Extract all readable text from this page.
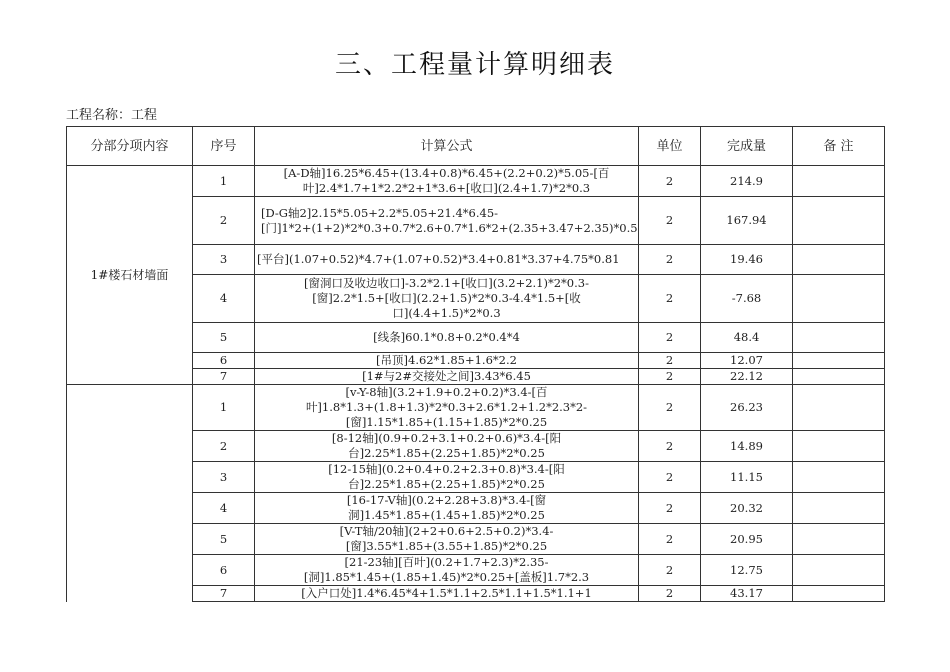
三、工程量计算明细表
工程名称：工程
分部分项内容	序号	计算公式	单位	完成量	备 注
1#楼石材墙面	1	[A-D轴]16.25*6.45+(13.4+0.8)*6.45+(2.2+0.2)*5.05-[百
叶]2.4*1.7+1*2.2*2+1*3.6+[收口](2.4+1.7)*2*0.3	2	214.9	
	2	[D-G轴2]2.15*5.05+2.2*5.05+21.4*6.45-
[门]1*2+(1+2)*2*0.3+0.7*2.6+0.7*1.6*2+(2.35+3.47+2.35)*0.5	2	167.94	
	3	[平台](1.07+0.52)*4.7+(1.07+0.52)*3.4+0.81*3.37+4.75*0.81	2	19.46	
	4	[窗洞口及收边收口]-3.2*2.1+[收口](3.2+2.1)*2*0.3-
[窗]2.2*1.5+[收口](2.2+1.5)*2*0.3-4.4*1.5+[收
口](4.4+1.5)*2*0.3	2	-7.68	
	5	[线条]60.1*0.8+0.2*0.4*4	2	48.4	
	6	[吊顶]4.62*1.85+1.6*2.2	2	12.07	
	7	[1#与2#交接处之间]3.43*6.45	2	22.12	
	1	[v-Y-8轴](3.2+1.9+0.2+0.2)*3.4-[百
叶]1.8*1.3+(1.8+1.3)*2*0.3+2.6*1.2+1.2*2.3*2-
[窗]1.15*1.85+(1.15+1.85)*2*0.25	2	26.23	
	2	[8-12轴](0.9+0.2+3.1+0.2+0.6)*3.4-[阳
台]2.25*1.85+(2.25+1.85)*2*0.25	2	14.89	
	3	[12-15轴](0.2+0.4+0.2+2.3+0.8)*3.4-[阳
台]2.25*1.85+(2.25+1.85)*2*0.25	2	11.15	
	4	[16-17-V轴](0.2+2.28+3.8)*3.4-[窗
洞]1.45*1.85+(1.45+1.85)*2*0.25	2	20.32	
	5	[V-T轴/20轴](2+2+0.6+2.5+0.2)*3.4-
[窗]3.55*1.85+(3.55+1.85)*2*0.25	2	20.95	
	6	[21-23轴][百叶](0.2+1.7+2.3)*2.35-
[洞]1.85*1.45+(1.85+1.45)*2*0.25+[盖板]1.7*2.3	2	12.75	
	7	[入户口处]1.4*6.45*4+1.5*1.1+2.5*1.1+1.5*1.1+1	2	43.17	
